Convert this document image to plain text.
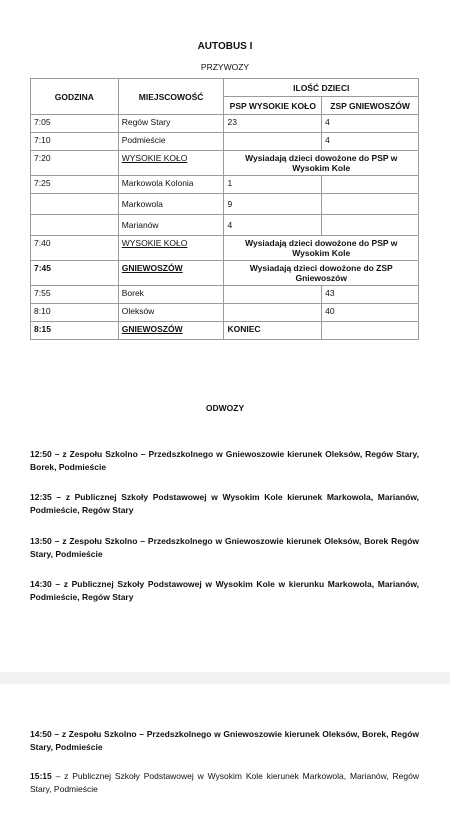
AUTOBUS I
PRZYWOZY
GODZINA	MIEJSCOWOŚĆ	ILOŚĆ DZIECI	
		PSP WYSOKIE KOŁO	ZSP GNIEWOSZÓW
7:05	Regów Stary	23	4
7:10	Podmieście		4
7:20	WYSOKIE KOŁO	Wysiadają dzieci dowożone do PSP w Wysokim Kole	
7:25	Markowola Kolonia	1	
	Markowola	9	
	Marianów	4	
7:40	WYSOKIE KOŁO	Wysiadają dzieci dowożone do PSP w Wysokim Kole	
7:45	GNIEWOSZÓW	Wysiadają dzieci dowożone do ZSP Gniewoszów	
7:55	Borek		43
8:10	Oleksów		40
8:15	GNIEWOSZÓW	KONIEC	
ODWOZY
12:50 – z Zespołu Szkolno – Przedszkolnego w Gniewoszowie kierunek Oleksów, Regów Stary, Borek, Podmieście
12:35 – z Publicznej Szkoły Podstawowej w Wysokim Kole kierunek Markowola, Marianów, Podmieście, Regów Stary
13:50 – z Zespołu Szkolno – Przedszkolnego w Gniewoszowie kierunek Oleksów, Borek Regów Stary, Podmieście
14:30 – z Publicznej Szkoły Podstawowej w Wysokim Kole w kierunku Markowola, Marianów, Podmieście, Regów Stary
14:50 – z Zespołu Szkolno – Przedszkolnego w Gniewoszowie kierunek Oleksów, Borek, Regów Stary, Podmieście
15:15 – z Publicznej Szkoły Podstawowej w Wysokim Kole kierunek Markowola, Marianów, Regów Stary, Podmieście
